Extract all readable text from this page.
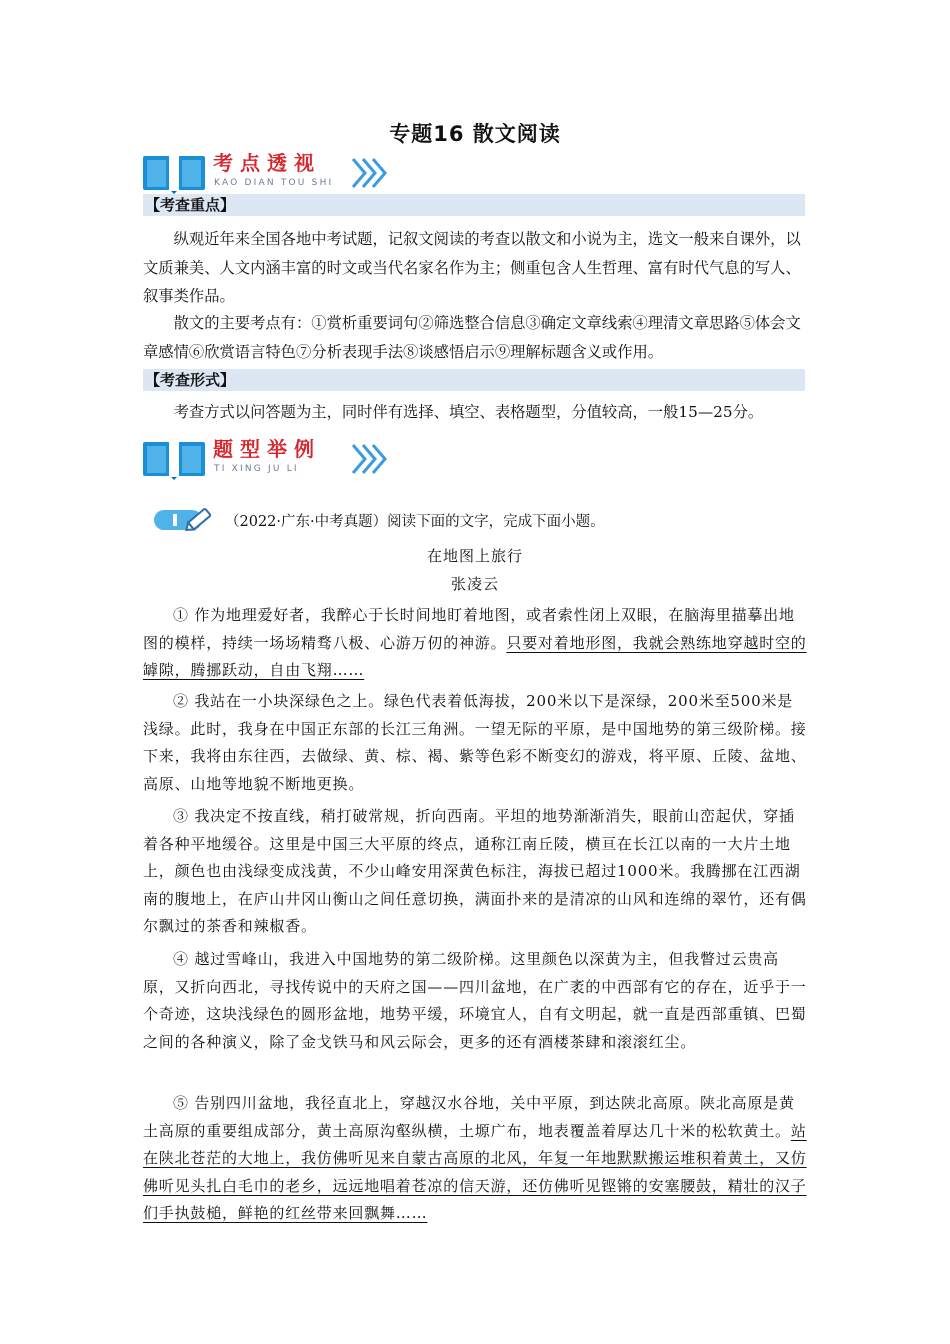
专题16 散文阅读
考点透视
KAO DIAN TOU SHI
【考查重点】

纵观近年来全国各地中考试题，记叙文阅读的考查以散文和小说为主，选文一般来自课外，以文质兼美、人文内涵丰富的时文或当代名家名作为主；侧重包含人生哲理、富有时代气息的写人、叙事类作品。

散文的主要考点有：①赏析重要词句②筛选整合信息③确定文章线索④理清文章思路⑤体会文章感情⑥欣赏语言特色⑦分析表现手法⑧谈感悟启示⑨理解标题含义或作用。

【考查形式】

考查方式以问答题为主，同时伴有选择、填空、表格题型，分值较高，一般15—25分。

题型举例
TI XING JU LI
（2022·广东·中考真题）阅读下面的文字，完成下面小题。
在地图上旅行
张凌云

① 作为地理爱好者，我醉心于长时间地盯着地图，或者索性闭上双眼，在脑海里描摹出地图的模样，持续一场场精骛八极、心游万仞的神游。只要对着地形图，我就会熟练地穿越时空的罅隙，腾挪跃动，自由飞翔……

② 我站在一小块深绿色之上。绿色代表着低海拔，200米以下是深绿，200米至500米是浅绿。此时，我身在中国正东部的长江三角洲。一望无际的平原，是中国地势的第三级阶梯。接下来，我将由东往西，去做绿、黄、棕、褐、紫等色彩不断变幻的游戏，将平原、丘陵、盆地、高原、山地等地貌不断地更换。

③ 我决定不按直线，稍打破常规，折向西南。平坦的地势渐渐消失，眼前山峦起伏，穿插着各种平地缓谷。这里是中国三大平原的终点，通称江南丘陵，横亘在长江以南的一大片土地上，颜色也由浅绿变成浅黄，不少山峰安用深黄色标注，海拔已超过1000米。我腾挪在江西湖南的腹地上，在庐山井冈山衡山之间任意切换，满面扑来的是清凉的山风和连绵的翠竹，还有偶尔飘过的茶香和辣椒香。

④ 越过雪峰山，我进入中国地势的第二级阶梯。这里颜色以深黄为主，但我瞥过云贵高原，又折向西北，寻找传说中的天府之国——四川盆地，在广袤的中西部有它的存在，近乎于一个奇迹，这块浅绿色的圆形盆地，地势平缓，环境宜人，自有文明起，就一直是西部重镇、巴蜀之间的各种演义，除了金戈铁马和风云际会，更多的还有酒楼茶肆和滚滚红尘。

⑤ 告别四川盆地，我径直北上，穿越汉水谷地，关中平原，到达陕北高原。陕北高原是黄土高原的重要组成部分，黄土高原沟壑纵横，土塬广布，地表覆盖着厚达几十米的松软黄土。站在陕北苍茫的大地上，我仿佛听见来自蒙古高原的北风，年复一年地默默搬运堆积着黄土，又仿佛听见头扎白毛巾的老乡，远远地唱着苍凉的信天游，还仿佛听见铿锵的安塞腰鼓，精壮的汉子们手执鼓槌，鲜艳的红丝带来回飘舞……
